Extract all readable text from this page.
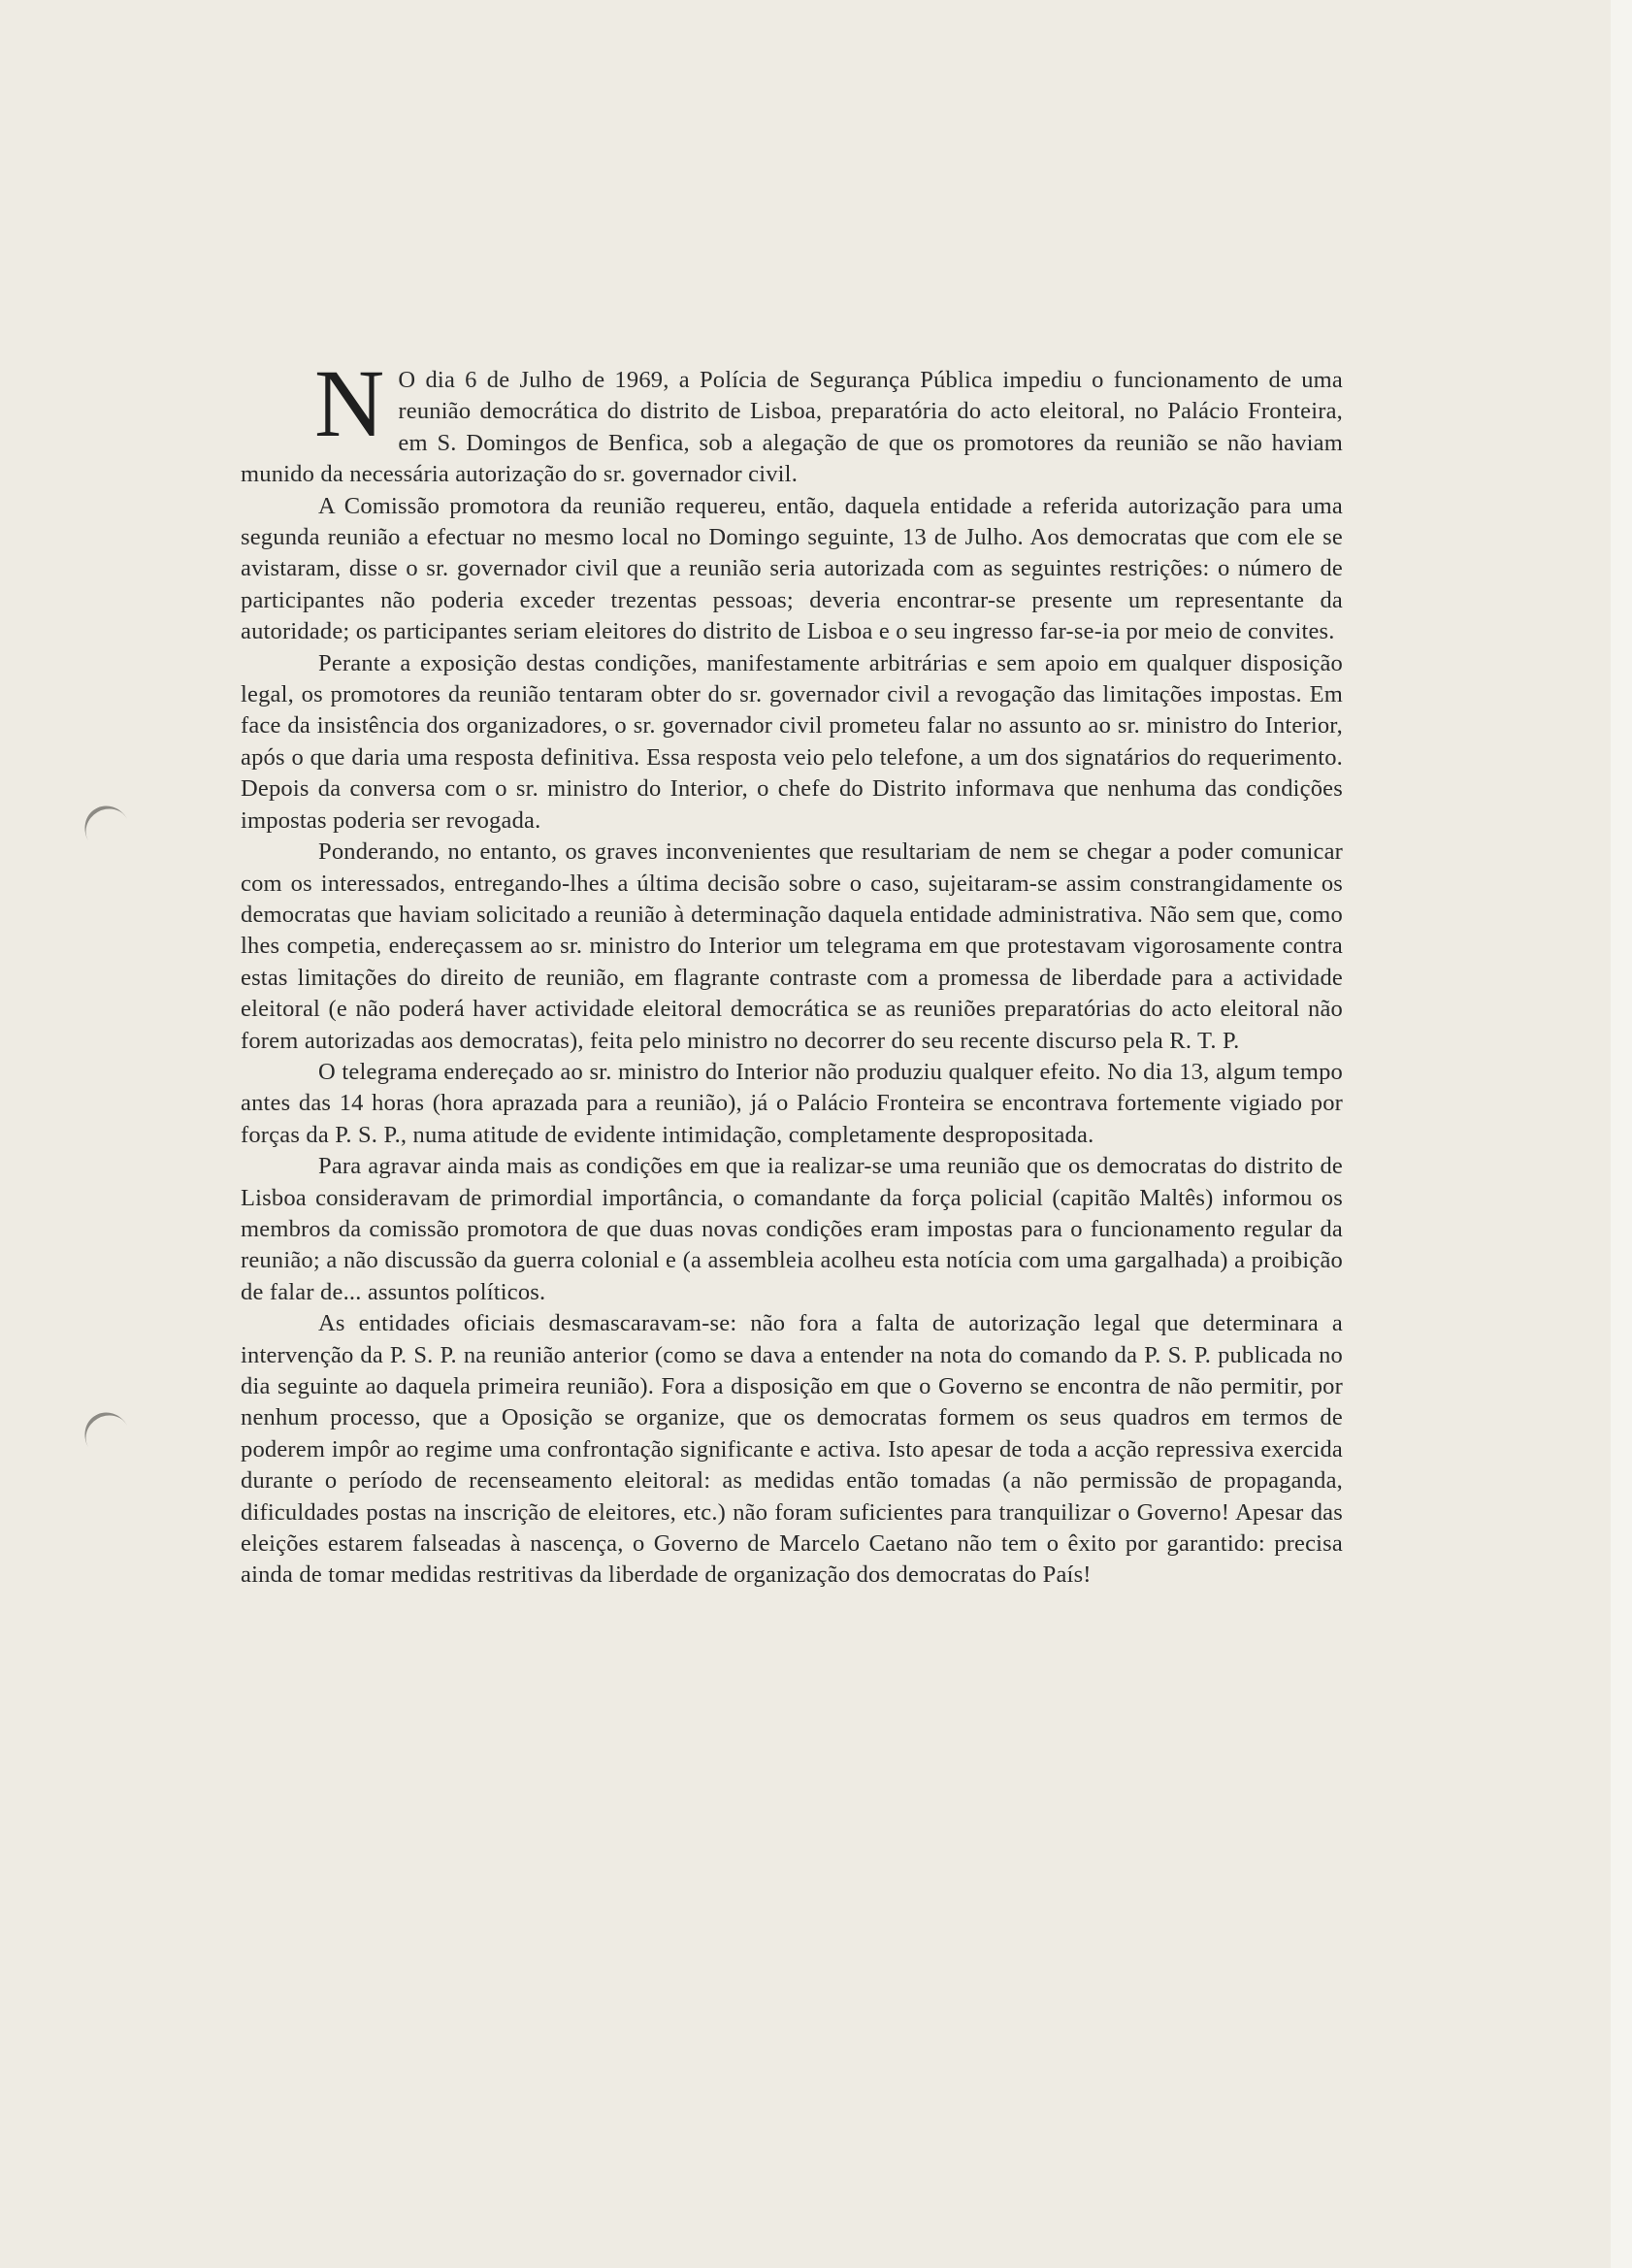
N O dia 6 de Julho de 1969, a Polícia de Segurança Pública impediu o funcionamento de uma reunião democrática do distrito de Lisboa, preparatória do acto eleitoral, no Palácio Fronteira, em S. Domingos de Benfica, sob a alegação de que os promotores da reunião se não haviam munido da necessária autorização do sr. governador civil.

A Comissão promotora da reunião requereu, então, daquela entidade a referida autorização para uma segunda reunião a efectuar no mesmo local no Domingo seguinte, 13 de Julho. Aos democratas que com ele se avistaram, disse o sr. governador civil que a reunião seria autorizada com as seguintes restrições: o número de participantes não poderia exceder trezentas pessoas; deveria encontrar-se presente um representante da autoridade; os participantes seriam eleitores do distrito de Lisboa e o seu ingresso far-se-ia por meio de convites.

Perante a exposição destas condições, manifestamente arbitrárias e sem apoio em qualquer disposição legal, os promotores da reunião tentaram obter do sr. governador civil a revogação das limitações impostas. Em face da insistência dos organizadores, o sr. governador civil prometeu falar no assunto ao sr. ministro do Interior, após o que daria uma resposta definitiva. Essa resposta veio pelo telefone, a um dos signatários do requerimento. Depois da conversa com o sr. ministro do Interior, o chefe do Distrito informava que nenhuma das condições impostas poderia ser revogada.

Ponderando, no entanto, os graves inconvenientes que resultariam de nem se chegar a poder comunicar com os interessados, entregando-lhes a última decisão sobre o caso, sujeitaram-se assim constrangidamente os democratas que haviam solicitado a reunião à determinação daquela entidade administrativa. Não sem que, como lhes competia, endereçassem ao sr. ministro do Interior um telegrama em que protestavam vigorosamente contra estas limitações do direito de reunião, em flagrante contraste com a promessa de liberdade para a actividade eleitoral (e não poderá haver actividade eleitoral democrática se as reuniões preparatórias do acto eleitoral não forem autorizadas aos democratas), feita pelo ministro no decorrer do seu recente discurso pela R. T. P.

O telegrama endereçado ao sr. ministro do Interior não produziu qualquer efeito. No dia 13, algum tempo antes das 14 horas (hora aprazada para a reunião), já o Palácio Fronteira se encontrava fortemente vigiado por forças da P. S. P., numa atitude de evidente intimidação, completamente despropositada.

Para agravar ainda mais as condições em que ia realizar-se uma reunião que os democratas do distrito de Lisboa consideravam de primordial importância, o comandante da força policial (capitão Maltês) informou os membros da comissão promotora de que duas novas condições eram impostas para o funcionamento regular da reunião; a não discussão da guerra colonial e (a assembleia acolheu esta notícia com uma gargalhada) a proibição de falar de... assuntos políticos.

As entidades oficiais desmascaravam-se: não fora a falta de autorização legal que determinara a intervenção da P. S. P. na reunião anterior (como se dava a entender na nota do comando da P. S. P. publicada no dia seguinte ao daquela primeira reunião). Fora a disposição em que o Governo se encontra de não permitir, por nenhum processo, que a Oposição se organize, que os democratas formem os seus quadros em termos de poderem impôr ao regime uma confrontação significante e activa. Isto apesar de toda a acção repressiva exercida durante o período de recenseamento eleitoral: as medidas então tomadas (a não permissão de propaganda, dificuldades postas na inscrição de eleitores, etc.) não foram suficientes para tranquilizar o Governo! Apesar das eleições estarem falseadas à nascença, o Governo de Marcelo Caetano não tem o êxito por garantido: precisa ainda de tomar medidas restritivas da liberdade de organização dos democratas do País!
